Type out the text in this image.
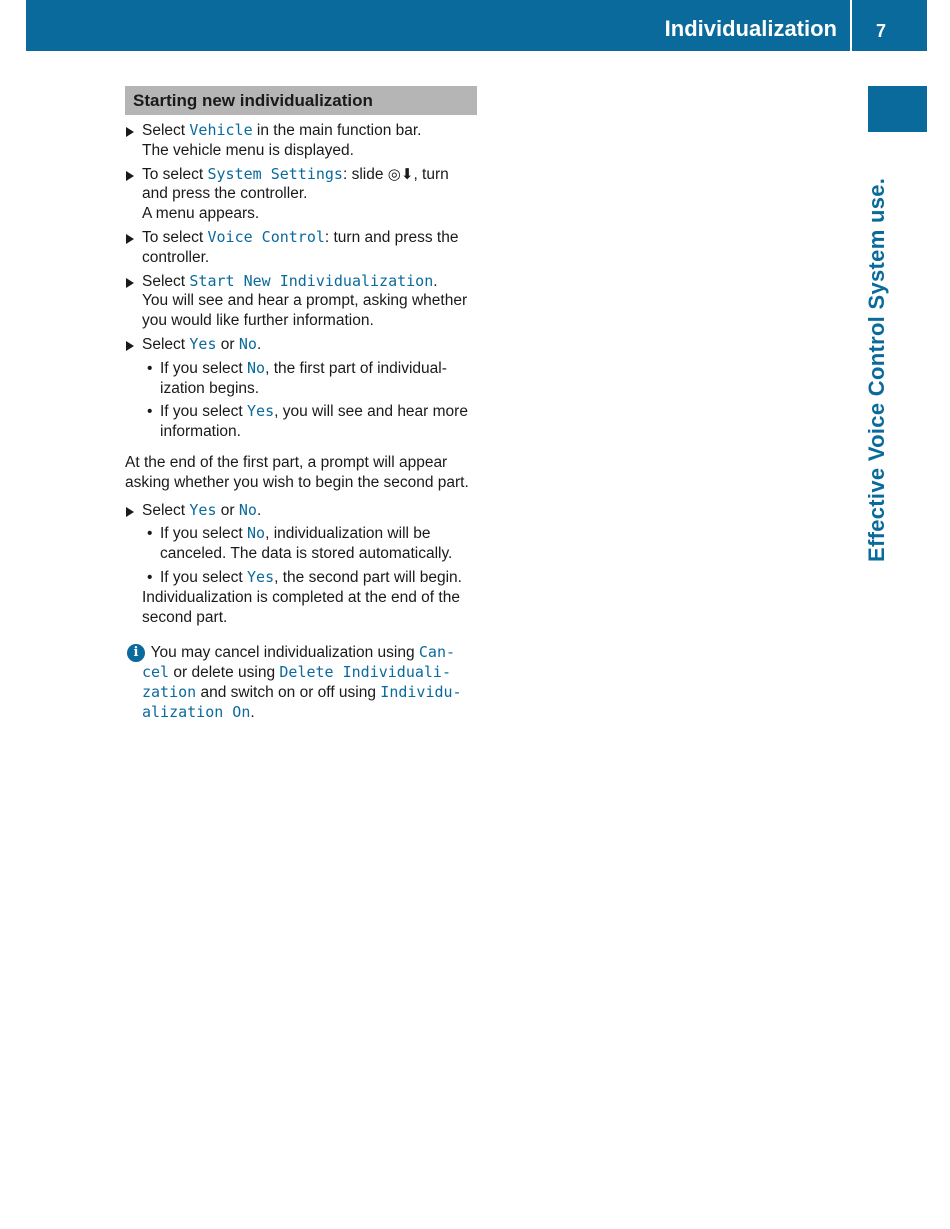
Individualization	7
Effective Voice Control System use.
Starting new individualization
Select Vehicle in the main function bar.
The vehicle menu is displayed.
To select System Settings: slide ◎⬇, turn and press the controller.
A menu appears.
To select Voice Control: turn and press the controller.
Select Start New Individualization.
You will see and hear a prompt, asking whether you would like further information.
Select Yes or No.
• If you select No, the first part of individual-ization begins.
• If you select Yes, you will see and hear more information.
At the end of the first part, a prompt will appear asking whether you wish to begin the second part.
Select Yes or No.
• If you select No, individualization will be canceled. The data is stored automatically.
• If you select Yes, the second part will begin.
Individualization is completed at the end of the second part.
i You may cancel individualization using Can-cel or delete using Delete Individuali-zation and switch on or off using Individu-alization On.
